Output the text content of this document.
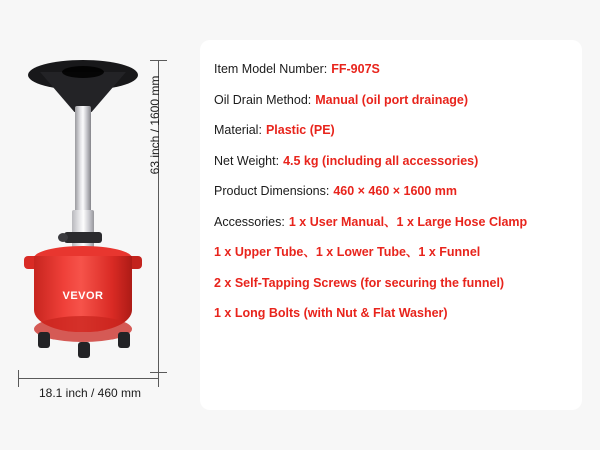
VEVOR
63 inch / 1600 mm
18.1 inch / 460 mm
Item Model Number: FF-907S
Oil Drain Method: Manual (oil port drainage)
Material: Plastic (PE)
Net Weight: 4.5 kg (including all accessories)
Product Dimensions: 460 × 460 × 1600 mm
Accessories: 1 x User Manual、1 x Large Hose Clamp
1 x Upper Tube、1 x Lower Tube、1 x Funnel
2 x Self-Tapping Screws (for securing the funnel)
1 x Long Bolts (with Nut & Flat Washer)
